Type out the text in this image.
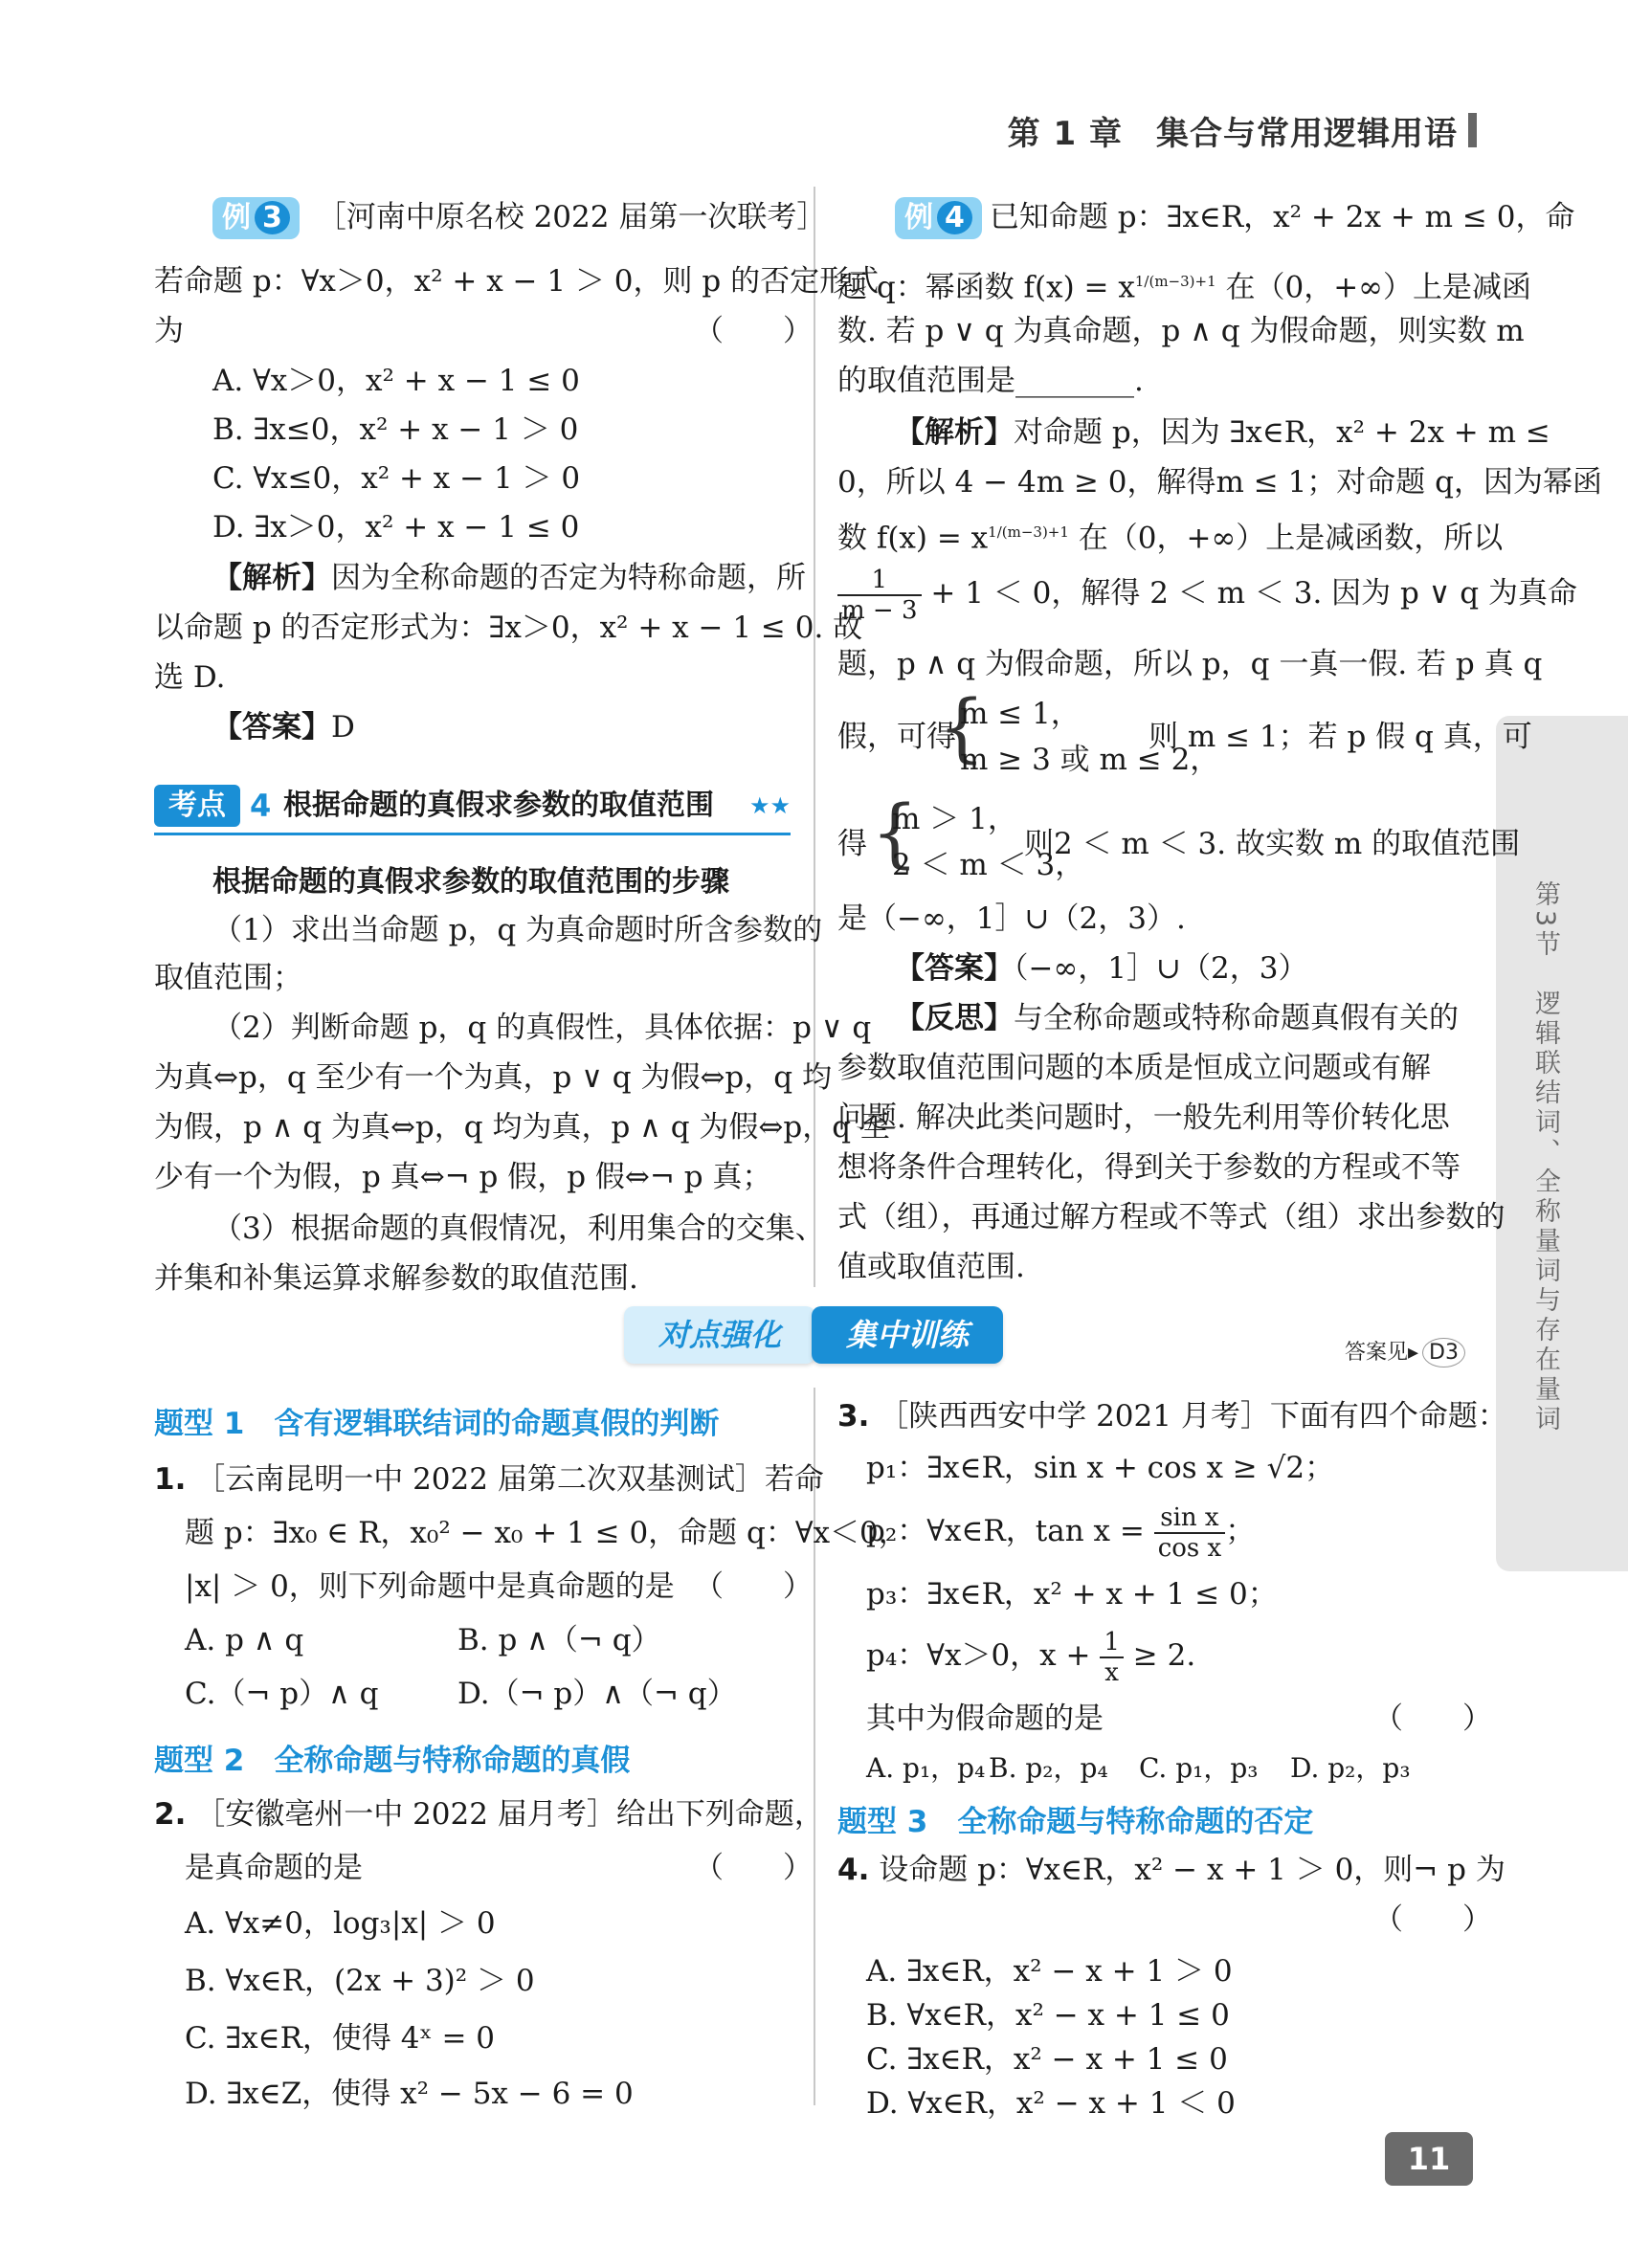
第 1 章　集合与常用逻辑用语
第3节　逻辑联结词、全称量词与存在量词
例 3 ［河南中原名校 2022 届第一次联考］
若命题 p：∀x＞0，x² + x − 1 ＞ 0，则 p 的否定形式
为	（　　）
A. ∀x＞0，x² + x − 1 ≤ 0
B. ∃x≤0，x² + x − 1 ＞ 0
C. ∀x≤0，x² + x − 1 ＞ 0
D. ∃x＞0，x² + x − 1 ≤ 0
【解析】因为全称命题的否定为特称命题，所
以命题 p 的否定形式为：∃x＞0，x² + x − 1 ≤ 0. 故
选 D.
【答案】D
考点 4 根据命题的真假求参数的取值范围 ★★
根据命题的真假求参数的取值范围的步骤
（1）求出当命题 p，q 为真命题时所含参数的
取值范围；
（2）判断命题 p，q 的真假性，具体依据：p ∨ q
为真⇔p，q 至少有一个为真，p ∨ q 为假⇔p，q 均
为假，p ∧ q 为真⇔p，q 均为真，p ∧ q 为假⇔p，q 至
少有一个为假，p 真⇔¬ p 假，p 假⇔¬ p 真；
（3）根据命题的真假情况，利用集合的交集、
并集和补集运算求解参数的取值范围.
例 4 已知命题 p：∃x∈R，x² + 2x + m ≤ 0，命
题 q：幂函数 $f(x) = x^{1/(m-3)+1}$ 在（0，+∞）上是减函
数. 若 p ∨ q 为真命题，p ∧ q 为假命题，则实数 m
的取值范围是________.
【解析】对命题 p，因为 ∃x∈R，x² + 2x + m ≤
0，所以 4 − 4m ≥ 0，解得m ≤ 1；对命题 q，因为幂函
数 $f(x) = x^{1/(m-3)+1}$ 在（0，+∞）上是减函数，所以
$\frac{1}{m - 3} + 1 < 0$，解得 2 ＜ m ＜ 3. 因为 p ∨ q 为真命
题，p ∧ q 为假命题，所以 p，q 一真一假. 若 p 真 q
假，可得
{
m ≤ 1，
m ≥ 3 或 m ≤ 2，
则 m ≤ 1；若 p 假 q 真，可
得 {
m ＞ 1，
2 ＜ m ＜ 3，
则2 ＜ m ＜ 3. 故实数 m 的取值范围
是（−∞，1］∪（2，3）.
【答案】（−∞，1］∪（2，3）
【反思】与全称命题或特称命题真假有关的
参数取值范围问题的本质是恒成立问题或有解
问题. 解决此类问题时，一般先利用等价转化思
想将条件合理转化，得到关于参数的方程或不等
式（组），再通过解方程或不等式（组）求出参数的
值或取值范围.
对点强化	集中训练	答案见▸ D3
题型 1　含有逻辑联结词的命题真假的判断
1. ［云南昆明一中 2022 届第二次双基测试］若命
题 p：∃x₀ ∈ R，x₀² − x₀ + 1 ≤ 0，命题 q：∀x＜0，
|x| ＞ 0，则下列命题中是真命题的是 （　　）
A. p ∧ q	B. p ∧（¬ q）
C.（¬ p）∧ q	D.（¬ p）∧（¬ q）
题型 2　全称命题与特称命题的真假
2. ［安徽亳州一中 2022 届月考］给出下列命题，
是真命题的是	（　　）
A. ∀x≠0，log₃|x| ＞ 0
B. ∀x∈R，(2x + 3)² ＞ 0
C. ∃x∈R，使得 4ˣ = 0
D. ∃x∈Z，使得 x² − 5x − 6 = 0
3. ［陕西西安中学 2021 月考］下面有四个命题：
p₁：∃x∈R，sin x + cos x ≥ √2；
p₂：∀x∈R，$\tan x = \frac{\text{sin x}}{\text{cos x}}$ ；
p₃：∃x∈R，x² + x + 1 ≤ 0；
p₄：∀x＞0，$x + \frac{1}{x} \ge 2$.
其中为假命题的是	（　　）
A. p₁，p₄ B. p₂，p₄ C. p₁，p₃ D. p₂，p₃
题型 3　全称命题与特称命题的否定
4. 设命题 p：∀x∈R，x² − x + 1 ＞ 0，则¬ p 为
（　　）
A. ∃x∈R，x² − x + 1 ＞ 0
B. ∀x∈R，x² − x + 1 ≤ 0
C. ∃x∈R，x² − x + 1 ≤ 0
D. ∀x∈R，x² − x + 1 ＜ 0
11
